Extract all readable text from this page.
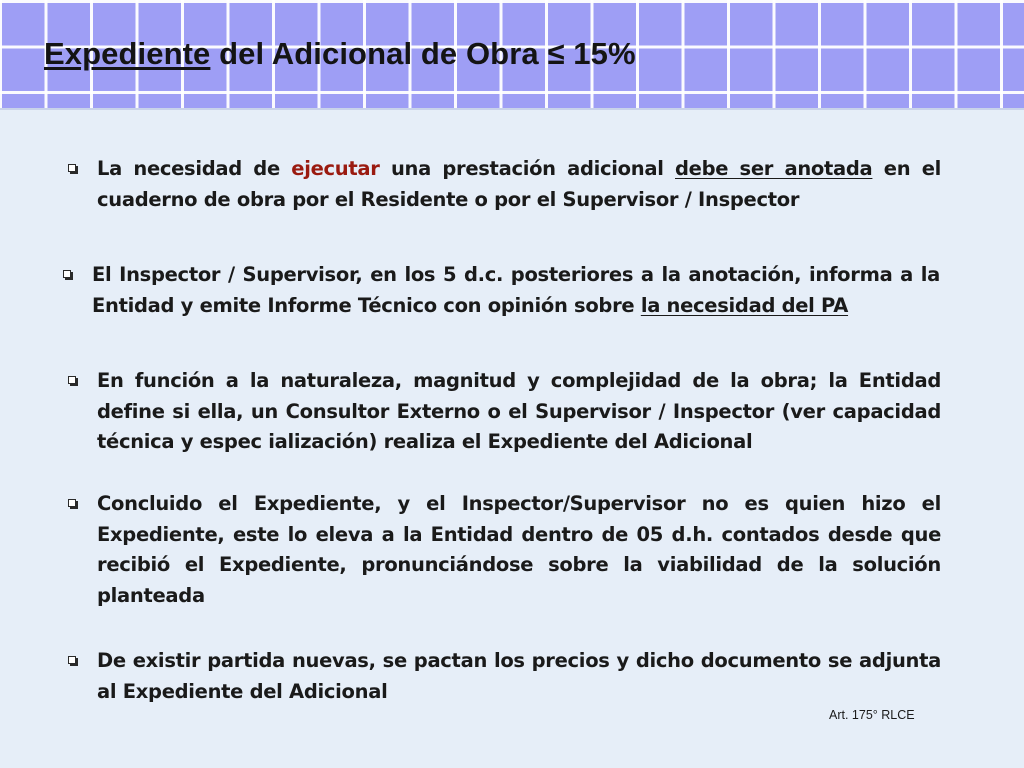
Expediente del Adicional de Obra ≤ 15%

La necesidad de ejecutar una prestación adicional debe ser anotada en el cuaderno de obra por el Residente o por el Supervisor / Inspector

El Inspector / Supervisor, en los 5 d.c. posteriores a la anotación, informa a la Entidad y emite Informe Técnico con opinión sobre la necesidad del PA

En función a la naturaleza, magnitud y complejidad de la obra; la Entidad define si ella, un Consultor Externo o el Supervisor / Inspector (ver capacidad técnica y espec ialización) realiza el Expediente del Adicional

Concluido el Expediente, y el Inspector/Supervisor no es quien hizo el Expediente, este lo eleva a la Entidad dentro de 05 d.h. contados desde que recibió el Expediente, pronunciándose sobre la viabilidad de la solución planteada

De existir partida nuevas, se pactan los precios y dicho documento se adjunta al Expediente del Adicional

Art. 175° RLCE
